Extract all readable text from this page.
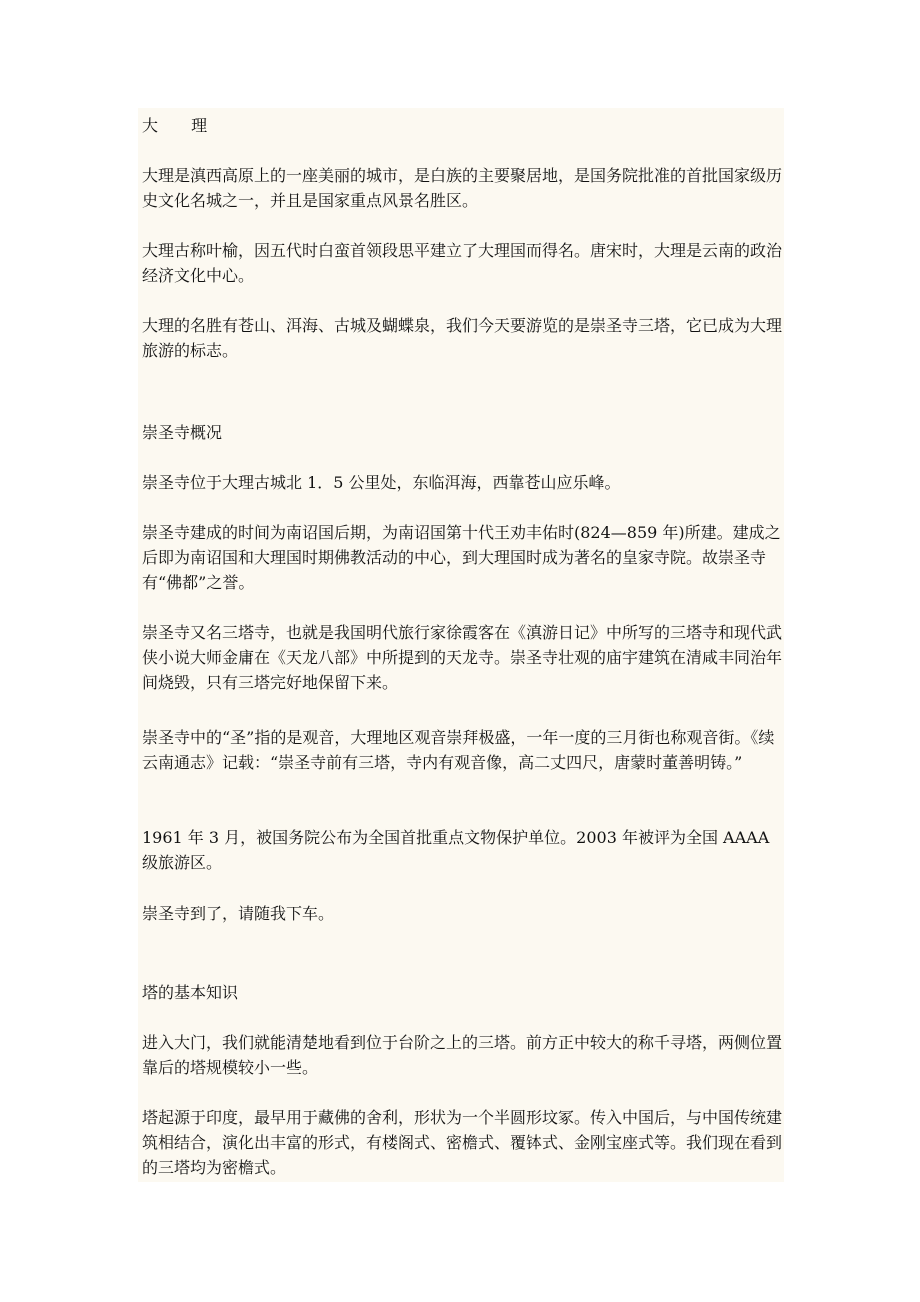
大 理

大理是滇西高原上的一座美丽的城市，是白族的主要聚居地，是国务院批准的首批国家级历史文化名城之一，并且是国家重点风景名胜区。

大理古称叶榆，因五代时白蛮首领段思平建立了大理国而得名。唐宋时，大理是云南的政治经济文化中心。

大理的名胜有苍山、洱海、古城及蝴蝶泉，我们今天要游览的是崇圣寺三塔，它已成为大理旅游的标志。

崇圣寺概况

崇圣寺位于大理古城北 1．5 公里处，东临洱海，西靠苍山应乐峰。

崇圣寺建成的时间为南诏国后期，为南诏国第十代王劝丰佑时(824—859 年)所建。建成之后即为南诏国和大理国时期佛教活动的中心，到大理国时成为著名的皇家寺院。故崇圣寺有“佛都”之誉。

崇圣寺又名三塔寺，也就是我国明代旅行家徐霞客在《滇游日记》中所写的三塔寺和现代武侠小说大师金庸在《天龙八部》中所提到的天龙寺。崇圣寺壮观的庙宇建筑在清咸丰同治年间烧毁，只有三塔完好地保留下来。

崇圣寺中的“圣”指的是观音，大理地区观音崇拜极盛，一年一度的三月街也称观音街。《续云南通志》记载：“崇圣寺前有三塔，寺内有观音像，高二丈四尺，唐蒙时董善明铸。”

1961 年 3 月，被国务院公布为全国首批重点文物保护单位。2003 年被评为全国 AAAA 级旅游区。

崇圣寺到了，请随我下车。

塔的基本知识

进入大门，我们就能清楚地看到位于台阶之上的三塔。前方正中较大的称千寻塔，两侧位置靠后的塔规模较小一些。

塔起源于印度，最早用于藏佛的舍利，形状为一个半圆形坟冢。传入中国后，与中国传统建筑相结合，演化出丰富的形式，有楼阁式、密檐式、覆钵式、金刚宝座式等。我们现在看到的三塔均为密檐式。
